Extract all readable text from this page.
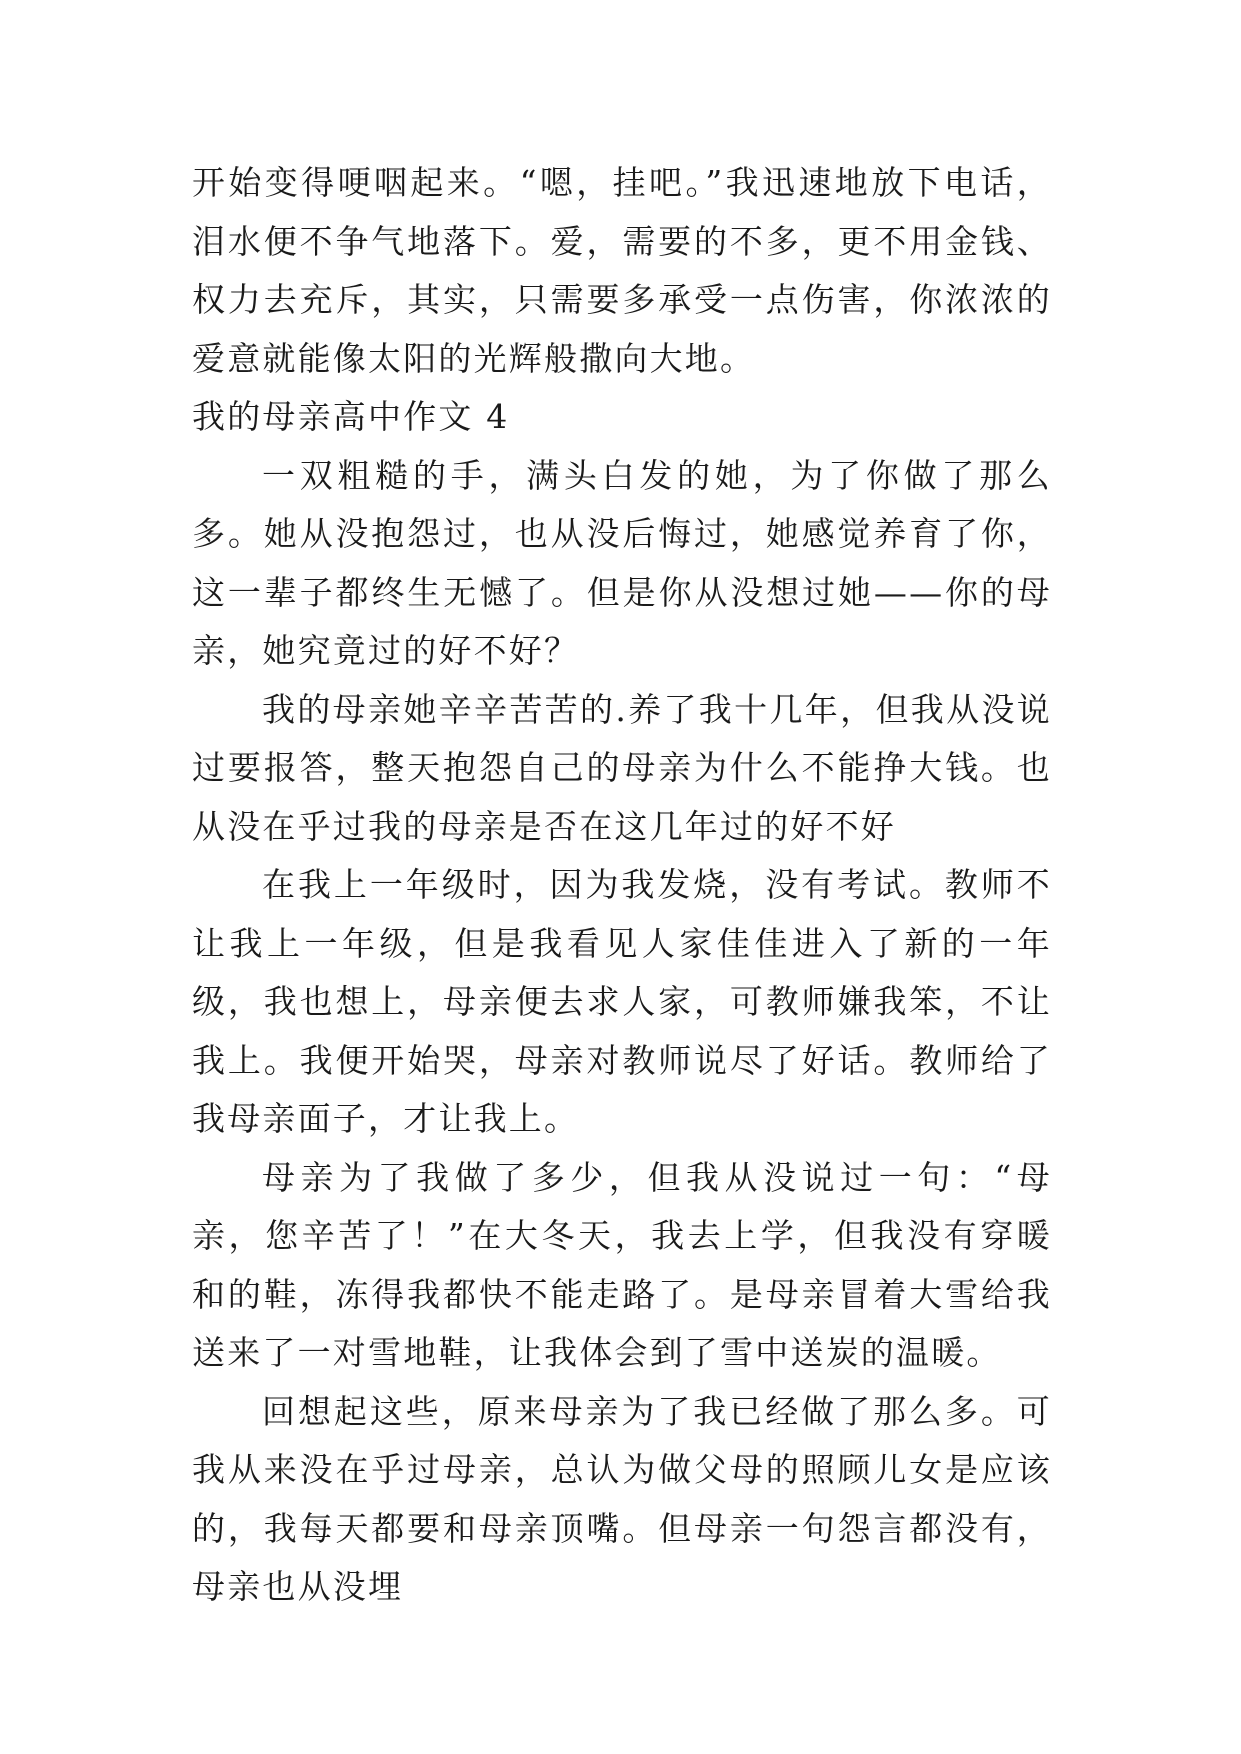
开始变得哽咽起来。“嗯，挂吧。”我迅速地放下电话，泪水便不争气地落下。爱，需要的不多，更不用金钱、权力去充斥，其实，只需要多承受一点伤害，你浓浓的爱意就能像太阳的光辉般撒向大地。

我的母亲高中作文 4

一双粗糙的手，满头白发的她，为了你做了那么多。她从没抱怨过，也从没后悔过，她感觉养育了你，这一辈子都终生无憾了。但是你从没想过她——你的母亲，她究竟过的好不好？

我的母亲她辛辛苦苦的.养了我十几年，但我从没说过要报答，整天抱怨自己的母亲为什么不能挣大钱。也从没在乎过我的母亲是否在这几年过的好不好

在我上一年级时，因为我发烧，没有考试。教师不让我上一年级，但是我看见人家佳佳进入了新的一年级，我也想上，母亲便去求人家，可教师嫌我笨，不让我上。我便开始哭，母亲对教师说尽了好话。教师给了我母亲面子，才让我上。

母亲为了我做了多少，但我从没说过一句：“母亲，您辛苦了！”在大冬天，我去上学，但我没有穿暖和的鞋，冻得我都快不能走路了。是母亲冒着大雪给我送来了一对雪地鞋，让我体会到了雪中送炭的温暖。

回想起这些，原来母亲为了我已经做了那么多。可我从来没在乎过母亲，总认为做父母的照顾儿女是应该的，我每天都要和母亲顶嘴。但母亲一句怨言都没有，母亲也从没埋
